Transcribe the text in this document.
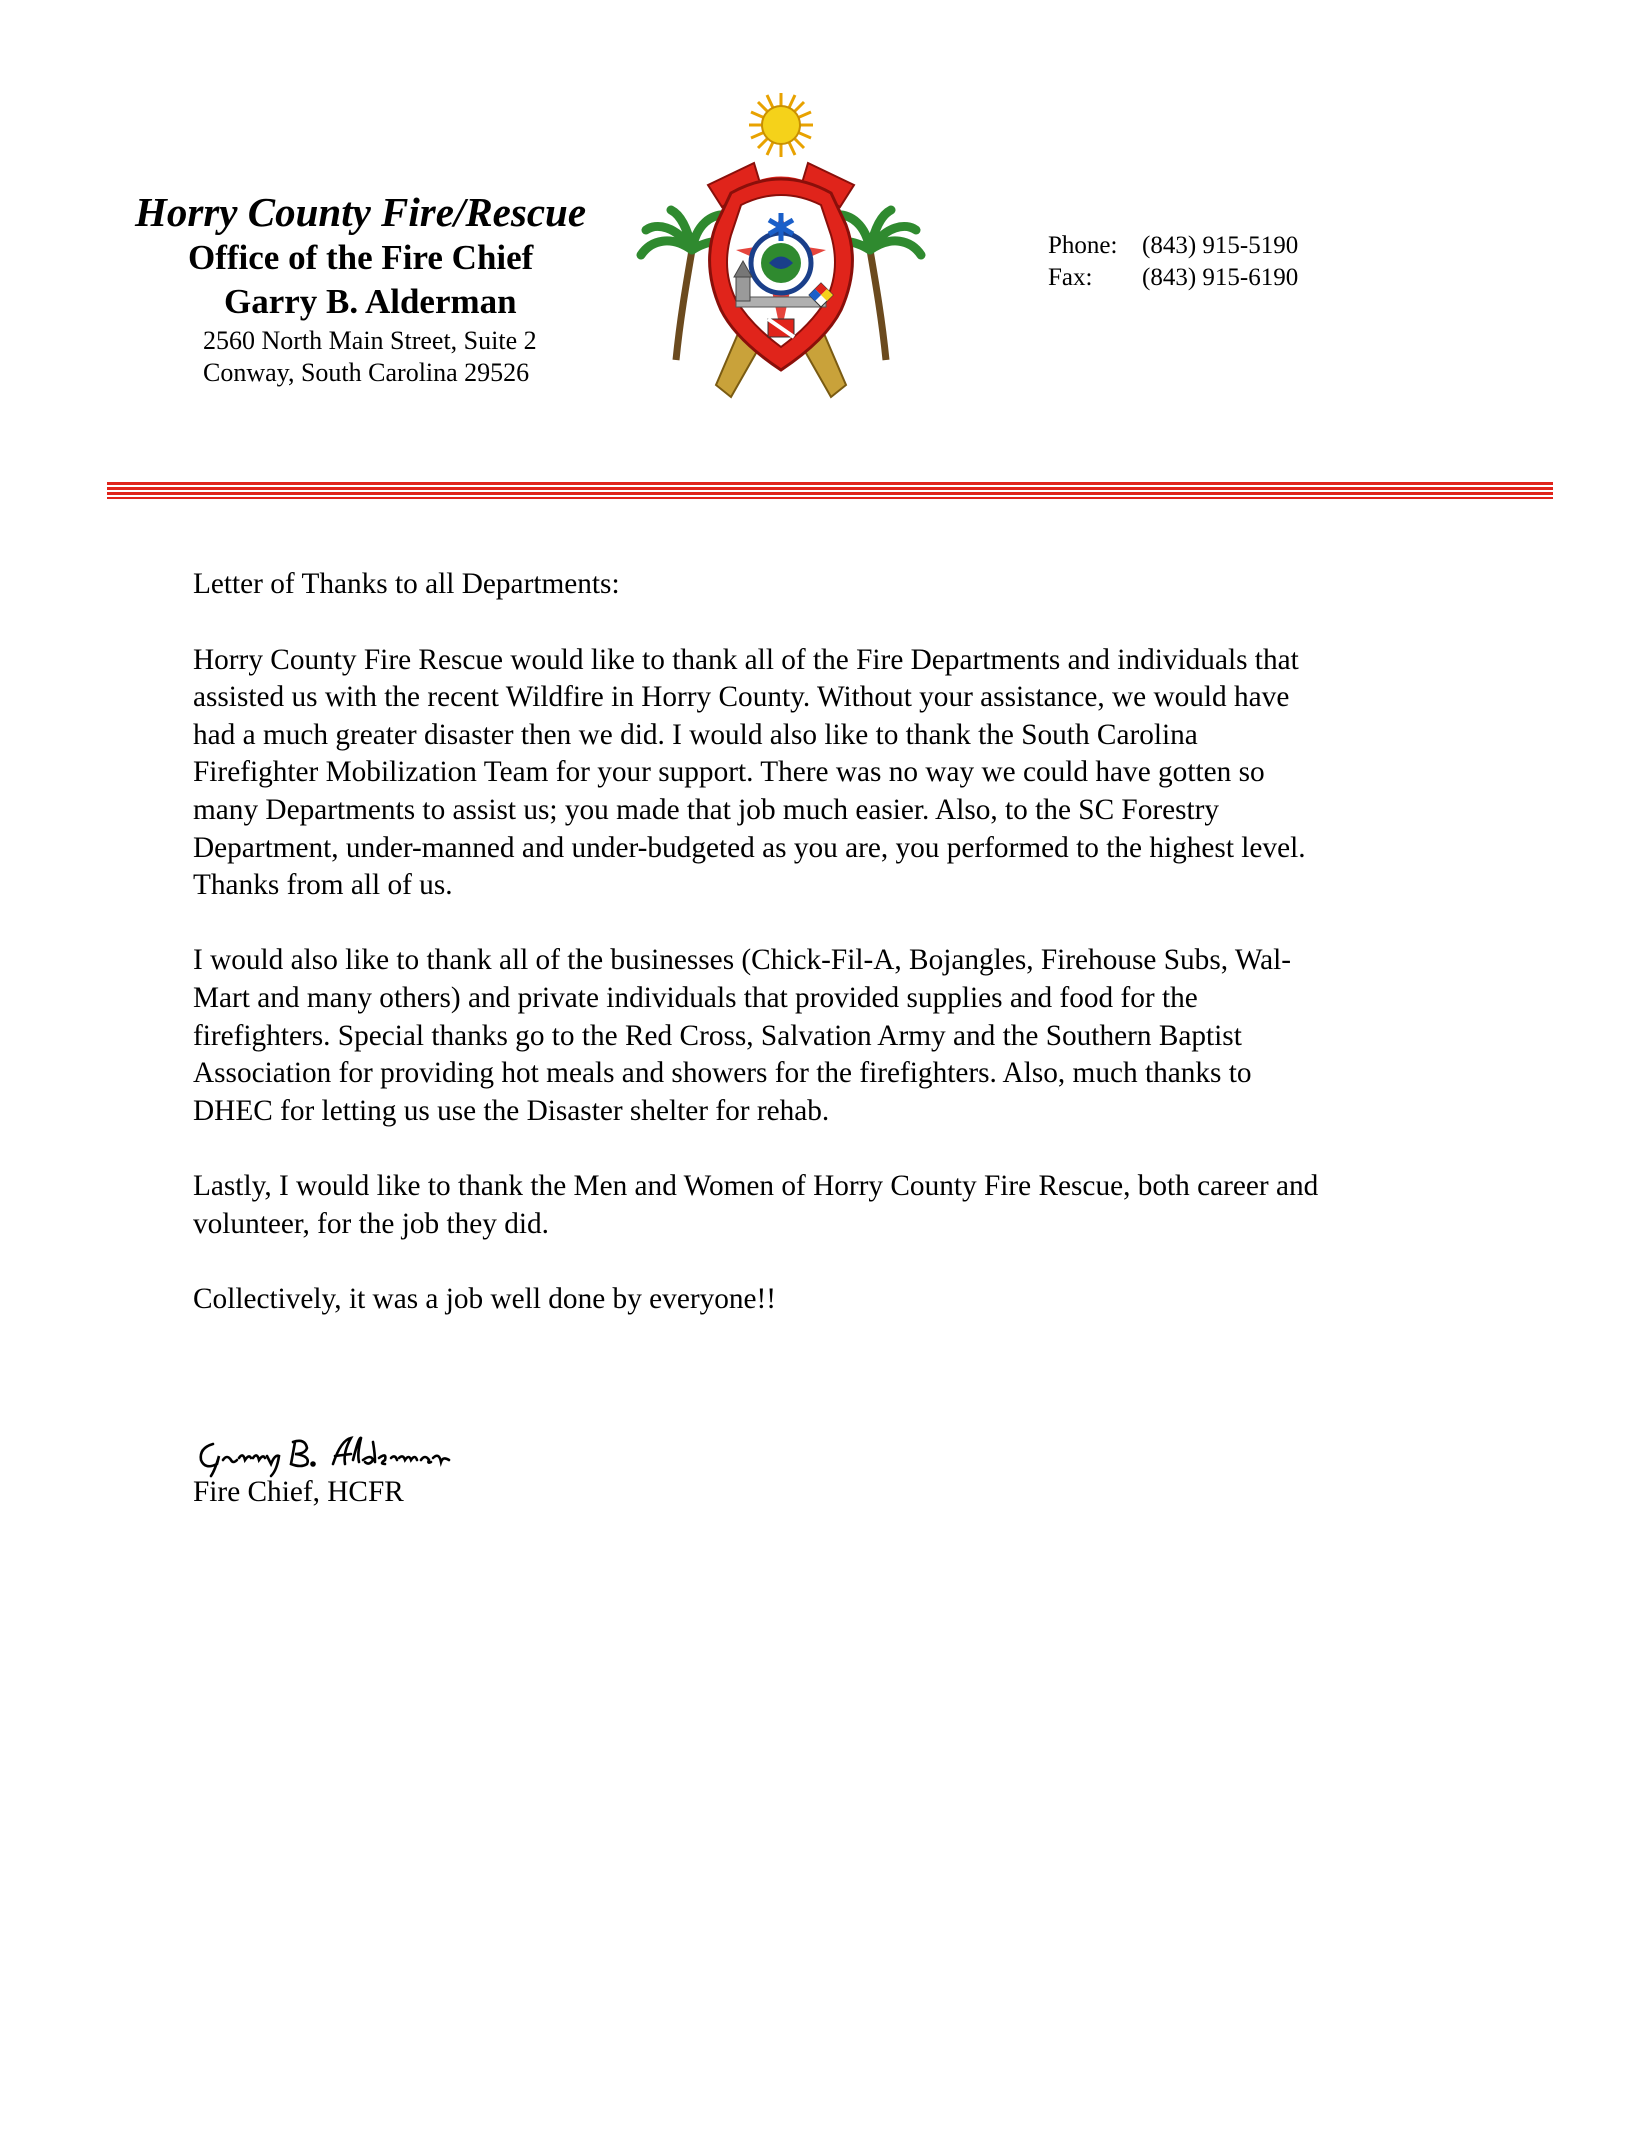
Horry County Fire/Rescue
Office of the Fire Chief
Garry B. Alderman
2560 North Main Street, Suite 2
Conway, South Carolina 29526
Phone: (843) 915-5190
Fax: (843) 915-6190

Letter of Thanks to all Departments:

Horry County Fire Rescue would like to thank all of the Fire Departments and individuals that
assisted us with the recent Wildfire in Horry County. Without your assistance, we would have
had a much greater disaster then we did. I would also like to thank the South Carolina
Firefighter Mobilization Team for your support. There was no way we could have gotten so
many Departments to assist us; you made that job much easier. Also, to the SC Forestry
Department, under-manned and under-budgeted as you are, you performed to the highest level.
Thanks from all of us.

I would also like to thank all of the businesses (Chick-Fil-A, Bojangles, Firehouse Subs, Wal-
Mart and many others) and private individuals that provided supplies and food for the
firefighters. Special thanks go to the Red Cross, Salvation Army and the Southern Baptist
Association for providing hot meals and showers for the firefighters. Also, much thanks to
DHEC for letting us use the Disaster shelter for rehab.

Lastly, I would like to thank the Men and Women of Horry County Fire Rescue, both career and
volunteer, for the job they did.

Collectively, it was a job well done by everyone!!

Fire Chief, HCFR
